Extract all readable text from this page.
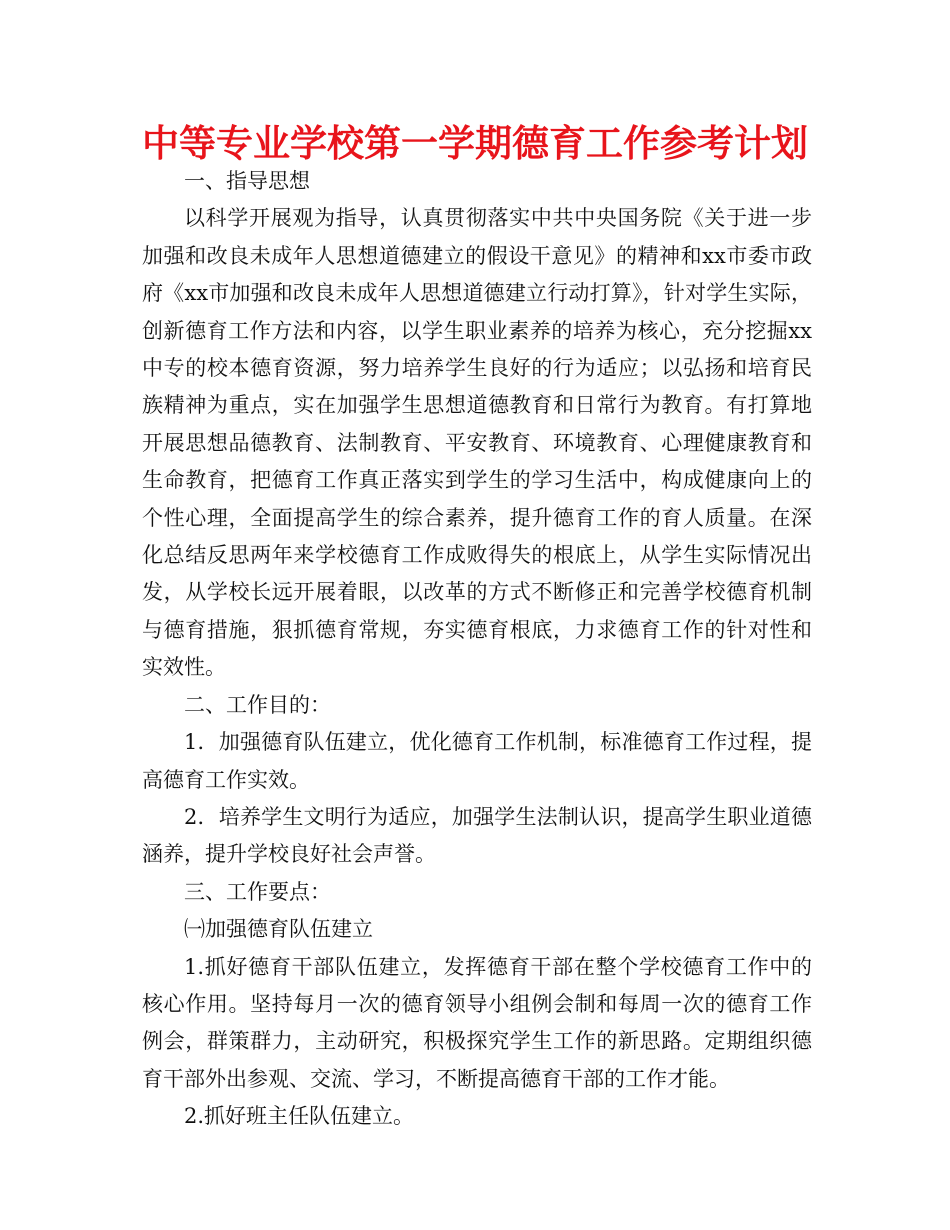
中等专业学校第一学期德育工作参考计划

一、指导思想

以科学开展观为指导，认真贯彻落实中共中央国务院《关于进一步加强和改良未成年人思想道德建立的假设干意见》的精神和xx市委市政府《xx市加强和改良未成年人思想道德建立行动打算》，针对学生实际，创新德育工作方法和内容，以学生职业素养的培养为核心，充分挖掘xx中专的校本德育资源，努力培养学生良好的行为适应；以弘扬和培育民族精神为重点，实在加强学生思想道德教育和日常行为教育。有打算地开展思想品德教育、法制教育、平安教育、环境教育、心理健康教育和生命教育，把德育工作真正落实到学生的学习生活中，构成健康向上的个性心理，全面提高学生的综合素养，提升德育工作的育人质量。在深化总结反思两年来学校德育工作成败得失的根底上，从学生实际情况出发，从学校长远开展着眼，以改革的方式不断修正和完善学校德育机制与德育措施，狠抓德育常规，夯实德育根底，力求德育工作的针对性和实效性。

二、工作目的：

1．加强德育队伍建立，优化德育工作机制，标准德育工作过程，提高德育工作实效。

2．培养学生文明行为适应，加强学生法制认识，提高学生职业道德涵养，提升学校良好社会声誉。

三、工作要点：

㈠加强德育队伍建立

1.抓好德育干部队伍建立，发挥德育干部在整个学校德育工作中的核心作用。坚持每月一次的德育领导小组例会制和每周一次的德育工作例会，群策群力，主动研究，积极探究学生工作的新思路。定期组织德育干部外出参观、交流、学习，不断提高德育干部的工作才能。

2.抓好班主任队伍建立。
